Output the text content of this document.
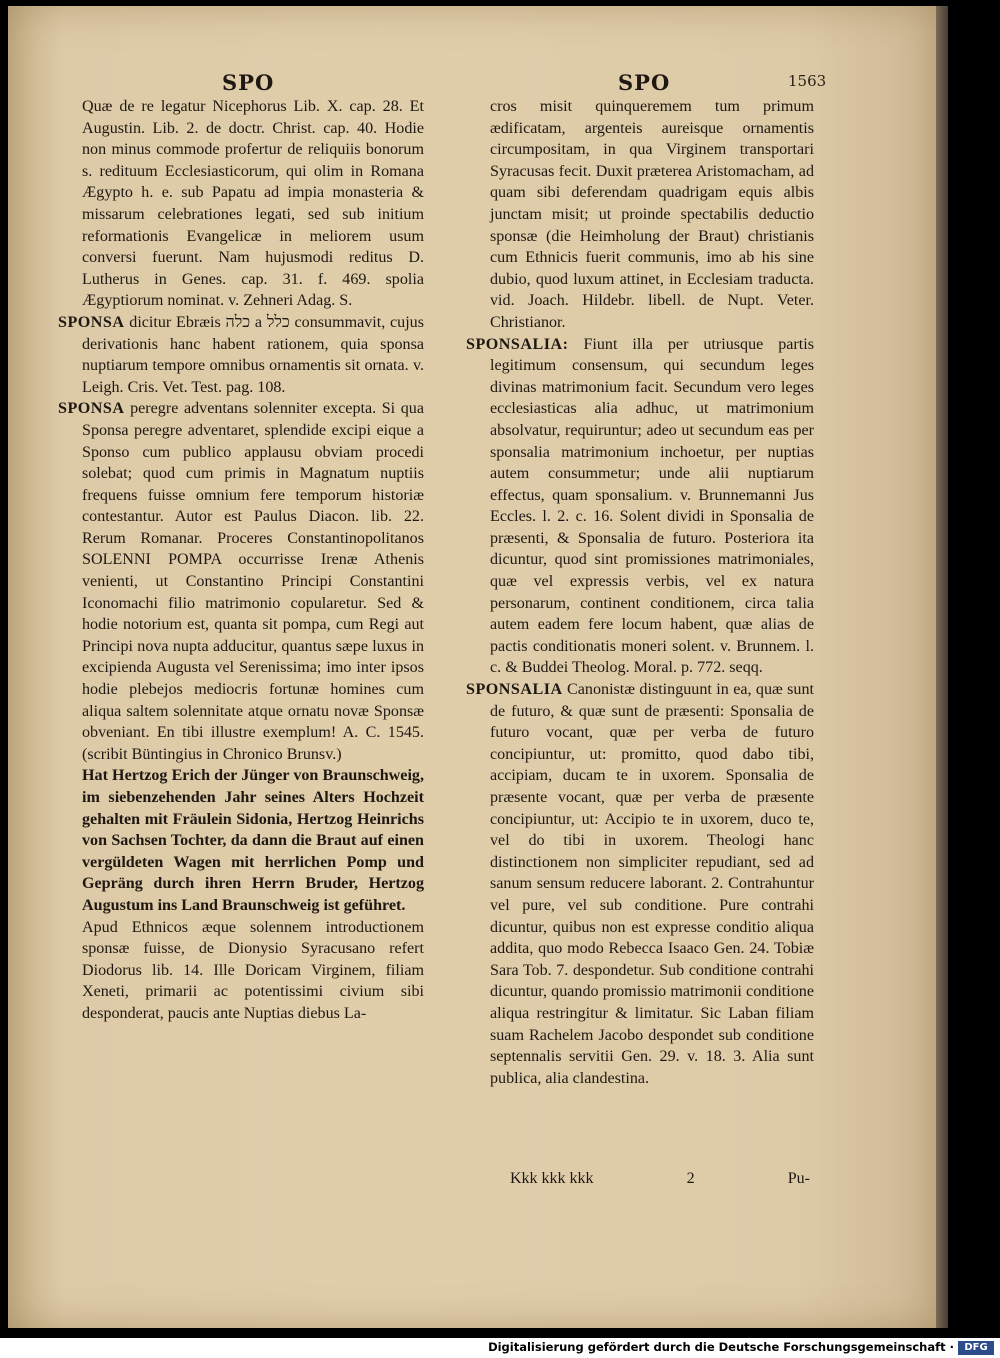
SPO	SPO	1563

Quæ de re legatur Nicephorus Lib. X. cap. 28. Et Augustin. Lib. 2. de doctr. Christ. cap. 40. Hodie non minus commode profertur de reliquiis bonorum s. redituum Ecclesiasticorum, qui olim in Romana Ægypto h. e. sub Papatu ad impia monasteria & missarum celebrationes legati, sed sub initium reformationis Evangelicæ in meliorem usum conversi fuerunt. Nam hujusmodi reditus D. Lutherus in Genes. cap. 31. f. 469. spolia Ægyptiorum nominat. v. Zehneri Adag. S.

SPONSA dicitur Ebræis כלה a כלל consummavit, cujus derivationis hanc habent rationem, quia sponsa nuptiarum tempore omnibus ornamentis sit ornata. v. Leigh. Cris. Vet. Test. pag. 108.

SPONSA peregre adventans solenniter excepta. Si qua Sponsa peregre adventaret, splendide excipi eique a Sponso cum publico applausu obviam procedi solebat; quod cum primis in Magnatum nuptiis frequens fuisse omnium fere temporum historiæ contestantur. Autor est Paulus Diacon. lib. 22. Rerum Romanar. Proceres Constantinopolitanos SOLENNI POMPA occurrisse Irenæ Athenis venienti, ut Constantino Principi Constantini Iconomachi filio matrimonio copularetur. Sed & hodie notorium est, quanta sit pompa, cum Regi aut Principi nova nupta adducitur, quantus sæpe luxus in excipienda Augusta vel Serenissima; imo inter ipsos hodie plebejos mediocris fortunæ homines cum aliqua saltem solennitate atque ornatu novæ Sponsæ obveniant. En tibi illustre exemplum! A. C. 1545. (scribit Büntingius in Chronico Brunsv.)

Hat Hertzog Erich der Jünger von Braunschweig, im siebenzehenden Jahr seines Alters Hochzeit gehalten mit Fräulein Sidonia, Hertzog Heinrichs von Sachsen Tochter, da dann die Braut auf einen vergüldeten Wagen mit herrlichen Pomp und Gepräng durch ihren Herrn Bruder, Hertzog Augustum ins Land Braunschweig ist geführet.

Apud Ethnicos æque solennem introductionem sponsæ fuisse, de Dionysio Syracusano refert Diodorus lib. 14. Ille Doricam Virginem, filiam Xeneti, primarii ac potentissimi civium sibi desponderat, paucis ante Nuptias diebus La-

cros misit quinqueremem tum primum ædificatam, argenteis aureisque ornamentis circumpositam, in qua Virginem transportari Syracusas fecit. Duxit præterea Aristomacham, ad quam sibi deferendam quadrigam equis albis junctam misit; ut proinde spectabilis deductio sponsæ (die Heimholung der Braut) christianis cum Ethnicis fuerit communis, imo ab his sine dubio, quod luxum attinet, in Ecclesiam traducta. vid. Joach. Hildebr. libell. de Nupt. Veter. Christianor.

SPONSALIA: Fiunt illa per utriusque partis legitimum consensum, qui secundum leges divinas matrimonium facit. Secundum vero leges ecclesiasticas alia adhuc, ut matrimonium absolvatur, requiruntur; adeo ut secundum eas per sponsalia matrimonium inchoetur, per nuptias autem consummetur; unde alii nuptiarum effectus, quam sponsalium. v. Brunnemanni Jus Eccles. l. 2. c. 16. Solent dividi in Sponsalia de præsenti, & Sponsalia de futuro. Posteriora ita dicuntur, quod sint promissiones matrimoniales, quæ vel expressis verbis, vel ex natura personarum, continent conditionem, circa talia autem eadem fere locum habent, quæ alias de pactis conditionatis moneri solent. v. Brunnem. l. c. & Buddei Theolog. Moral. p. 772. seqq.

SPONSALIA Canonistæ distinguunt in ea, quæ sunt de futuro, & quæ sunt de præsenti: Sponsalia de futuro vocant, quæ per verba de futuro concipiuntur, ut: promitto, quod dabo tibi, accipiam, ducam te in uxorem. Sponsalia de præsente vocant, quæ per verba de præsente concipiuntur, ut: Accipio te in uxorem, duco te, vel do tibi in uxorem. Theologi hanc distinctionem non simpliciter repudiant, sed ad sanum sensum reducere laborant. 2. Contrahuntur vel pure, vel sub conditione. Pure contrahi dicuntur, quibus non est expresse conditio aliqua addita, quo modo Rebecca Isaaco Gen. 24. Tobiæ Sara Tob. 7. despondetur. Sub conditione contrahi dicuntur, quando promissio matrimonii conditione aliqua restringitur & limitatur. Sic Laban filiam suam Rachelem Jacobo despondet sub conditione septennalis servitii Gen. 29. v. 18. 3. Alia sunt publica, alia clandestina.

Kkk kkk kkk	2	Pu-
Digitalisierung gefördert durch die Deutsche Forschungsgemeinschaft ·	DFG
